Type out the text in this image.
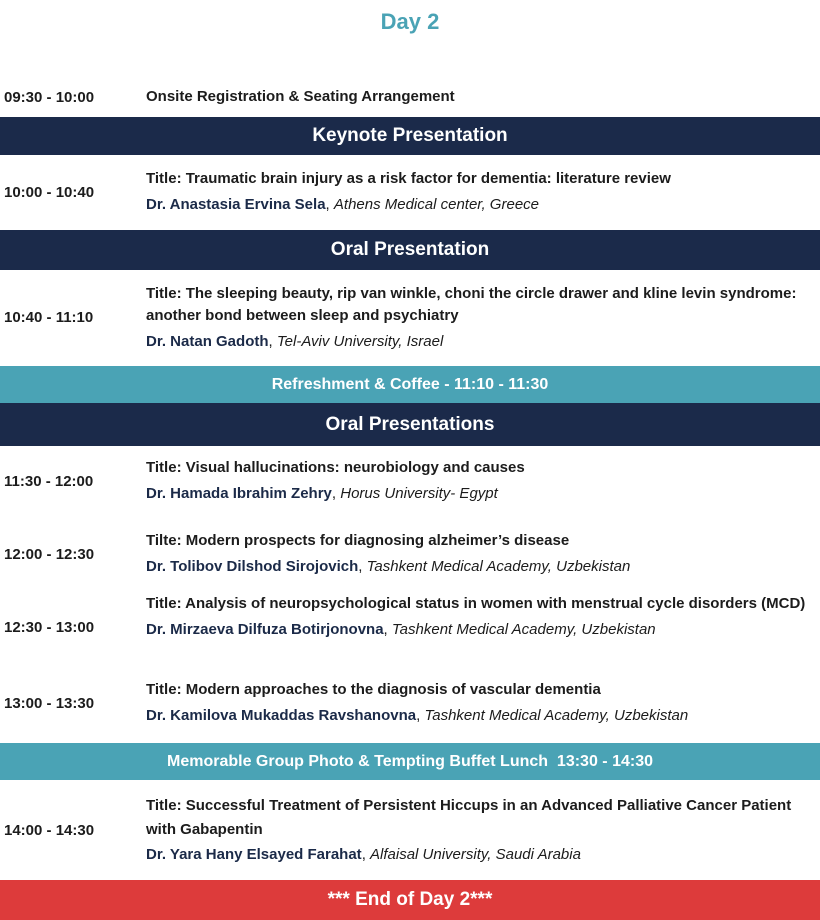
Day 2
09:30 - 10:00	Onsite Registration & Seating Arrangement
Keynote Presentation
10:00 - 10:40
Title: Traumatic brain injury as a risk factor for dementia: literature review
Dr. Anastasia Ervina Sela, Athens Medical center, Greece
Oral Presentation
10:40 - 11:10
Title: The sleeping beauty, rip van winkle, choni the circle drawer and kline levin syndrome: another bond between sleep and psychiatry
Dr. Natan Gadoth, Tel-Aviv University, Israel
Refreshment & Coffee - 11:10 - 11:30
Oral Presentations
11:30 - 12:00
Title: Visual hallucinations: neurobiology and causes
Dr. Hamada Ibrahim Zehry, Horus University- Egypt
12:00 - 12:30
Tilte: Modern prospects for diagnosing alzheimer’s disease
Dr. Tolibov Dilshod Sirojovich, Tashkent Medical Academy, Uzbekistan
12:30 - 13:00
Title: Analysis of neuropsychological status in women with menstrual cycle disorders (MCD)
Dr. Mirzaeva Dilfuza Botirjonovna, Tashkent Medical Academy, Uzbekistan
13:00 - 13:30
Title: Modern approaches to the diagnosis of vascular dementia
Dr. Kamilova Mukaddas Ravshanovna, Tashkent Medical Academy, Uzbekistan
Memorable Group Photo & Tempting Buffet Lunch  13:30 - 14:30
14:00 - 14:30
Title: Successful Treatment of Persistent Hiccups in an Advanced Palliative Cancer Patient with Gabapentin
Dr. Yara Hany Elsayed Farahat, Alfaisal University, Saudi Arabia
*** End of Day 2***
